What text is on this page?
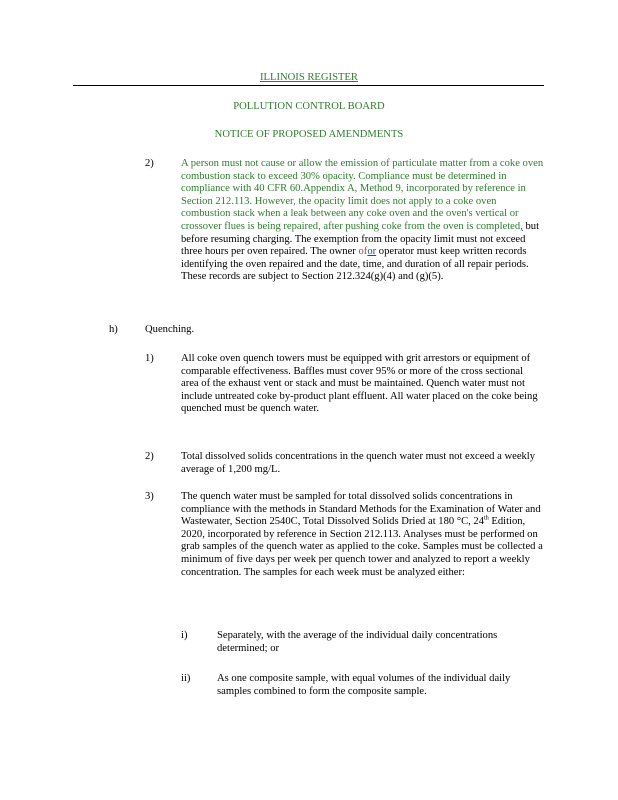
ILLINOIS REGISTER
POLLUTION CONTROL BOARD
NOTICE OF PROPOSED AMENDMENTS
2)	A person must not cause or allow the emission of particulate matter from a coke oven combustion stack to exceed 30% opacity. Compliance must be determined in compliance with 40 CFR 60.Appendix A, Method 9, incorporated by reference in Section 212.113. However, the opacity limit does not apply to a coke oven combustion stack when a leak between any coke oven and the oven's vertical or crossover flues is being repaired, after pushing coke from the oven is completed, but before resuming charging. The exemption from the opacity limit must not exceed three hours per oven repaired. The owner ofor operator must keep written records identifying the oven repaired and the date, time, and duration of all repair periods. These records are subject to Section 212.324(g)(4) and (g)(5).
h)	Quenching.
1)	All coke oven quench towers must be equipped with grit arrestors or equipment of comparable effectiveness. Baffles must cover 95% or more of the cross sectional area of the exhaust vent or stack and must be maintained. Quench water must not include untreated coke by-product plant effluent. All water placed on the coke being quenched must be quench water.
2)	Total dissolved solids concentrations in the quench water must not exceed a weekly average of 1,200 mg/L.
3)	The quench water must be sampled for total dissolved solids concentrations in compliance with the methods in Standard Methods for the Examination of Water and Wastewater, Section 2540C, Total Dissolved Solids Dried at 180 °C, 24th Edition, 2020, incorporated by reference in Section 212.113. Analyses must be performed on grab samples of the quench water as applied to the coke. Samples must be collected a minimum of five days per week per quench tower and analyzed to report a weekly concentration. The samples for each week must be analyzed either:
i)	Separately, with the average of the individual daily concentrations determined; or
ii)	As one composite sample, with equal volumes of the individual daily samples combined to form the composite sample.
